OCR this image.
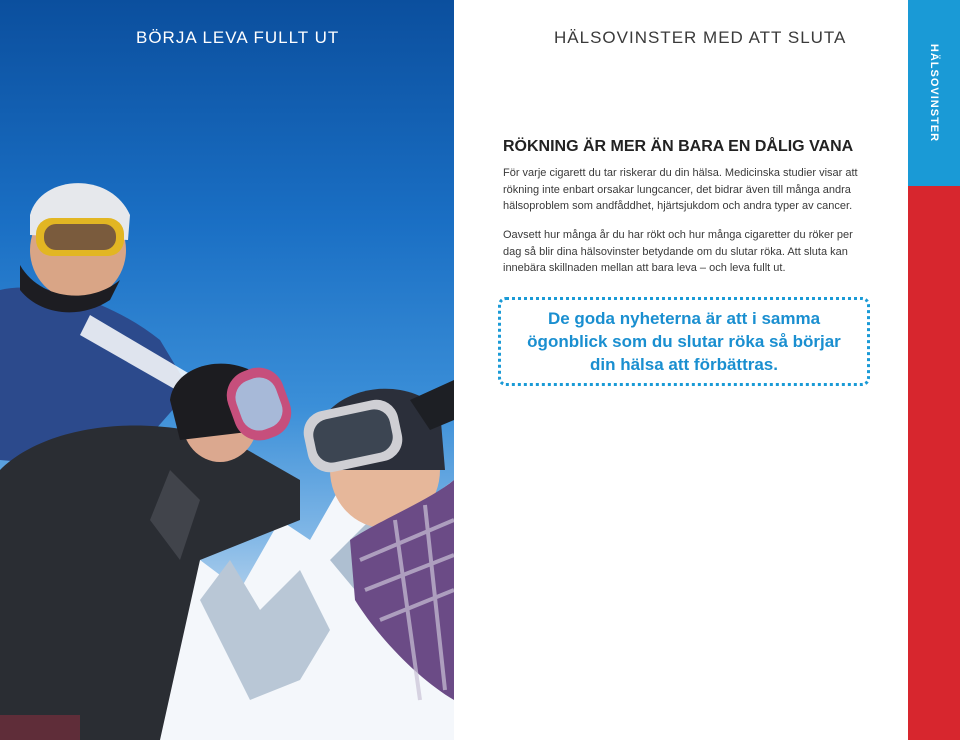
BÖRJA LEVA FULLT UT	HÄLSOVINSTER MED ATT SLUTA
RÖKNING ÄR MER ÄN BARA EN DÅLIG VANA

För varje cigarett du tar riskerar du din hälsa. Medicinska studier visar att rökning inte enbart orsakar lungcancer, det bidrar även till många andra hälsoproblem som andfåddhet, hjärtsjukdom och andra typer av cancer.

Oavsett hur många år du har rökt och hur många cigaretter du röker per dag så blir dina hälsovinster betydande om du slutar röka. Att sluta kan innebära skillnaden mellan att bara leva – och leva fullt ut.

De goda nyheterna är att i samma ögonblick som du slutar röka så börjar din hälsa att förbättras.
HÄLSOVINSTER
